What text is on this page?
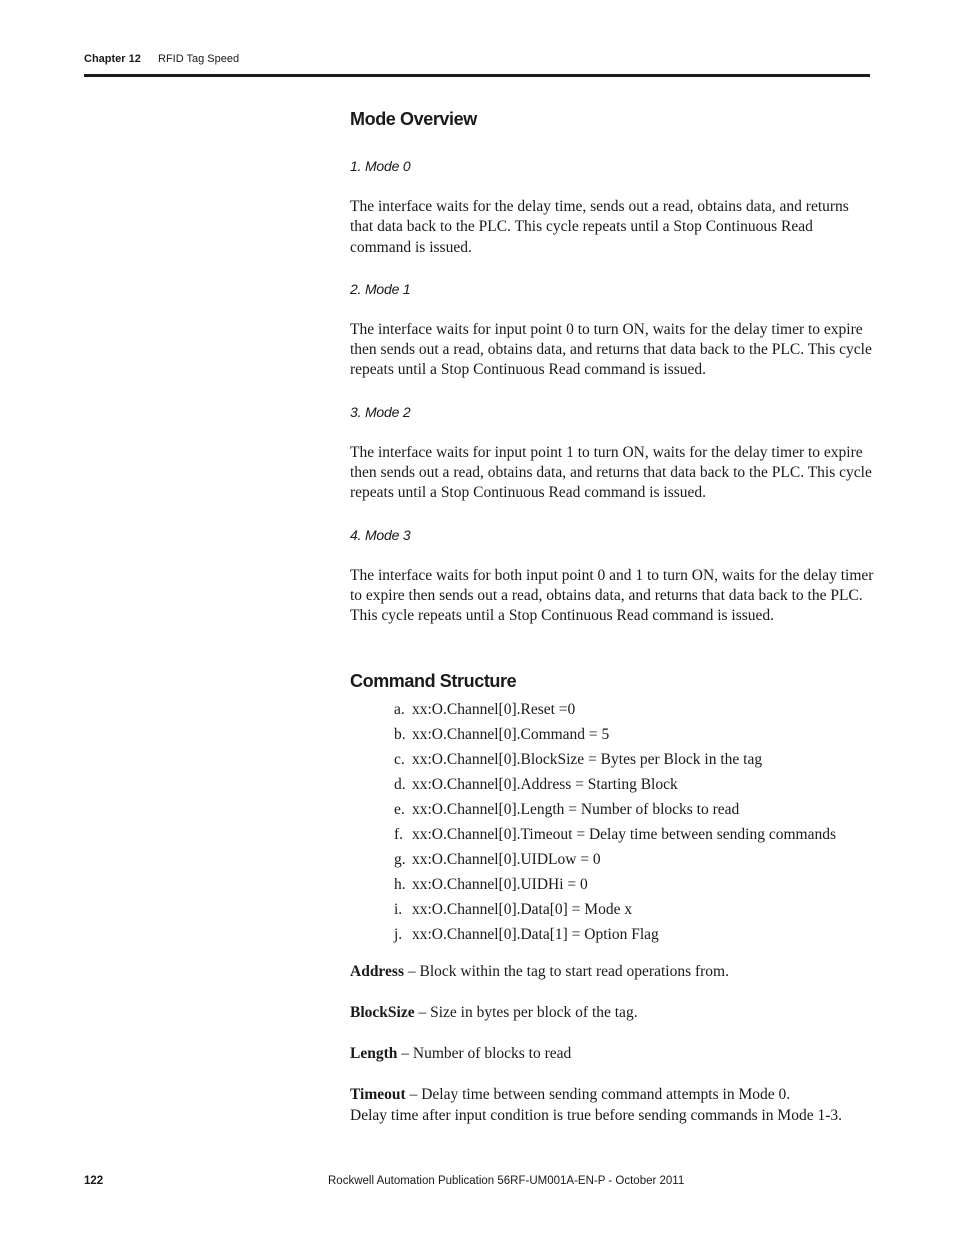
Chapter 12 RFID Tag Speed
Mode Overview
1. Mode 0

The interface waits for the delay time, sends out a read, obtains data, and returns that data back to the PLC. This cycle repeats until a Stop Continuous Read command is issued.

2. Mode 1

The interface waits for input point 0 to turn ON, waits for the delay timer to expire then sends out a read, obtains data, and returns that data back to the PLC. This cycle repeats until a Stop Continuous Read command is issued.

3. Mode 2

The interface waits for input point 1 to turn ON, waits for the delay timer to expire then sends out a read, obtains data, and returns that data back to the PLC. This cycle repeats until a Stop Continuous Read command is issued.

4. Mode 3

The interface waits for both input point 0 and 1 to turn ON, waits for the delay timer to expire then sends out a read, obtains data, and returns that data back to the PLC. This cycle repeats until a Stop Continuous Read command is issued.

Command Structure
a. xx:O.Channel[0].Reset =0
b. xx:O.Channel[0].Command = 5
c. xx:O.Channel[0].BlockSize = Bytes per Block in the tag
d. xx:O.Channel[0].Address = Starting Block
e. xx:O.Channel[0].Length = Number of blocks to read
f. xx:O.Channel[0].Timeout = Delay time between sending commands
g. xx:O.Channel[0].UIDLow = 0
h. xx:O.Channel[0].UIDHi = 0
i. xx:O.Channel[0].Data[0] = Mode x
j. xx:O.Channel[0].Data[1] = Option Flag

Address – Block within the tag to start read operations from.

BlockSize – Size in bytes per block of the tag.

Length – Number of blocks to read

Timeout – Delay time between sending command attempts in Mode 0.
Delay time after input condition is true before sending commands in Mode 1-3.

122	Rockwell Automation Publication 56RF-UM001A-EN-P - October 2011
